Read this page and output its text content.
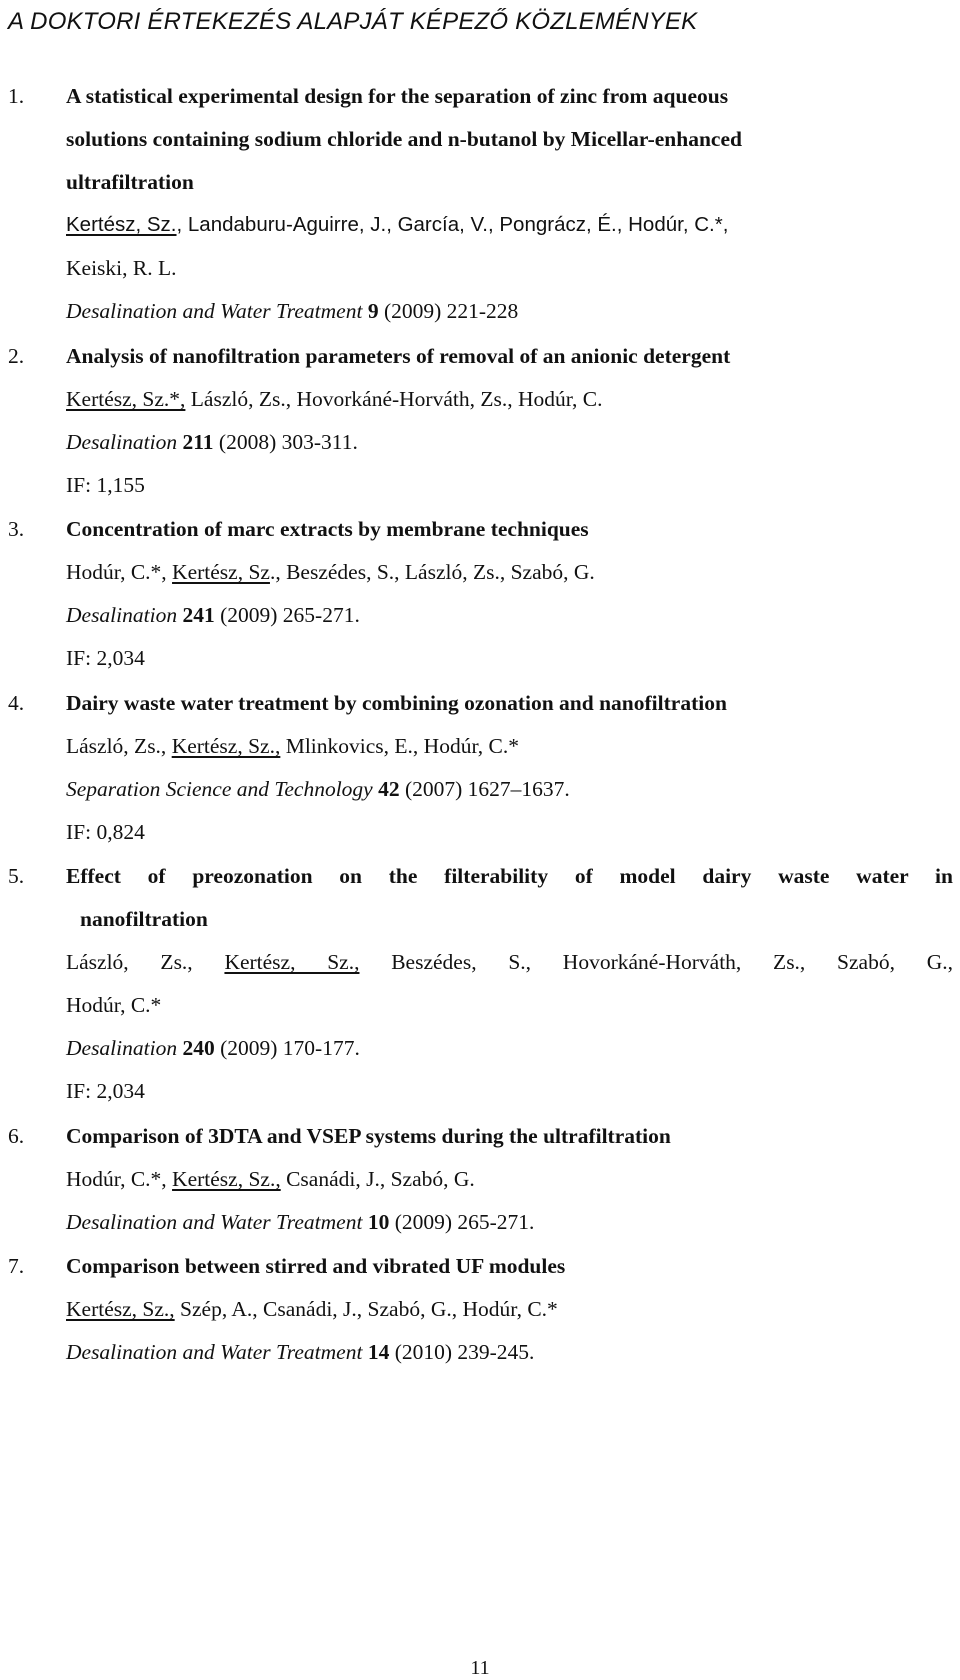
A DOKTORI ÉRTEKEZÉS ALAPJÁT KÉPEZŐ KÖZLEMÉNYEK
1. A statistical experimental design for the separation of zinc from aqueous
solutions containing sodium chloride and n-butanol by Micellar-enhanced
ultrafiltration
Kertész, Sz., Landaburu-Aguirre, J., García, V., Pongrácz, É., Hodúr, C.*,
Keiski, R. L.
Desalination and Water Treatment 9 (2009) 221-228
2. Analysis of nanofiltration parameters of removal of an anionic detergent
Kertész, Sz.*, László, Zs., Hovorkáné-Horváth, Zs., Hodúr, C.
Desalination 211 (2008) 303-311.
IF: 1,155
3. Concentration of marc extracts by membrane techniques
Hodúr, C.*, Kertész, Sz., Beszédes, S., László, Zs., Szabó, G.
Desalination 241 (2009) 265-271.
IF: 2,034
4. Dairy waste water treatment by combining ozonation and nanofiltration
László, Zs., Kertész, Sz., Mlinkovics, E., Hodúr, C.*
Separation Science and Technology 42 (2007) 1627–1637.
IF: 0,824
5. Effect of preozonation on the filterability of model dairy waste water in
nanofiltration
László, Zs., Kertész, Sz., Beszédes, S., Hovorkáné-Horváth, Zs., Szabó, G.,
Hodúr, C.*
Desalination 240 (2009) 170-177.
IF: 2,034
6. Comparison of 3DTA and VSEP systems during the ultrafiltration
Hodúr, C.*, Kertész, Sz., Csanádi, J., Szabó, G.
Desalination and Water Treatment 10 (2009) 265-271.
7. Comparison between stirred and vibrated UF modules
Kertész, Sz., Szép, A., Csanádi, J., Szabó, G., Hodúr, C.*
Desalination and Water Treatment 14 (2010) 239-245.
11
